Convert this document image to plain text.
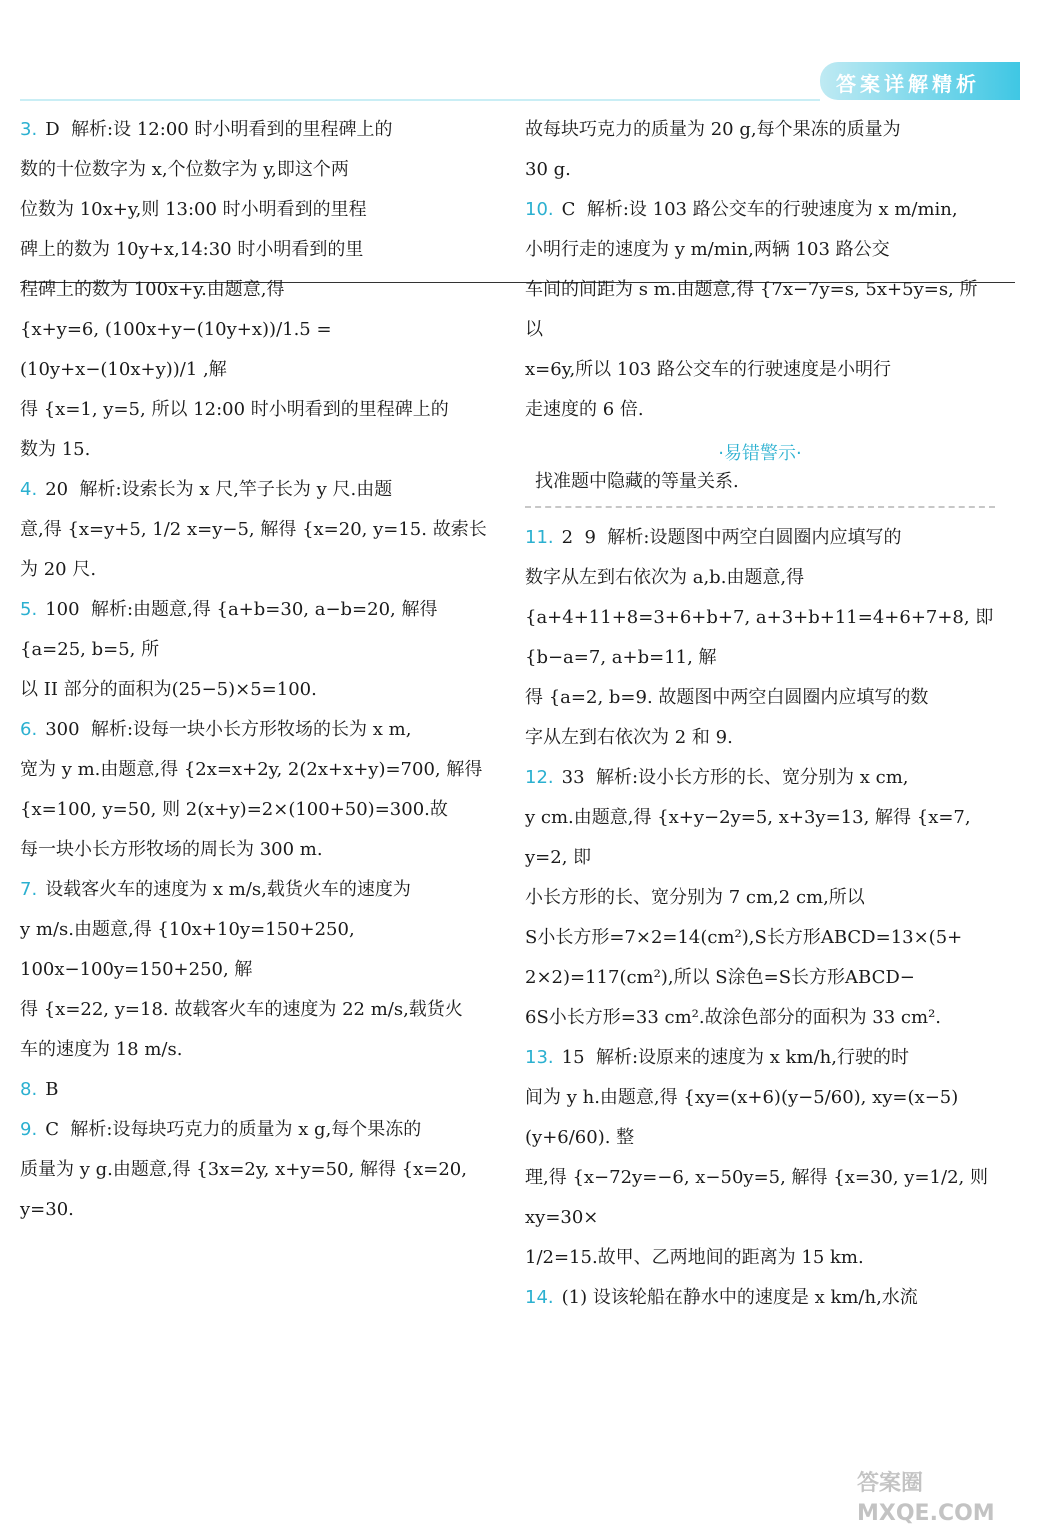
答案详解精析
3. D  解析:设 12:00 时小明看到的里程碑上的
数的十位数字为 x,个位数字为 y,即这个两
位数为 10x+y,则 13:00 时小明看到的里程
碑上的数为 10y+x,14:30 时小明看到的里
程碑上的数为 100x+y.由题意,得
{x+y=6, (100x+y−(10y+x))/1.5 = (10y+x−(10x+y))/1 ,解
得 {x=1, y=5, 所以 12:00 时小明看到的里程碑上的
数为 15.
4. 20  解析:设索长为 x 尺,竿子长为 y 尺.由题
意,得 {x=y+5, 1/2 x=y−5, 解得 {x=20, y=15. 故索长为 20 尺.
5. 100  解析:由题意,得 {a+b=30, a−b=20, 解得 {a=25, b=5, 所
以 II 部分的面积为(25−5)×5=100.
6. 300  解析:设每一块小长方形牧场的长为 x m,
宽为 y m.由题意,得 {2x=x+2y, 2(2x+x+y)=700, 解得
{x=100, y=50, 则 2(x+y)=2×(100+50)=300.故
每一块小长方形牧场的周长为 300 m.
7. 设载客火车的速度为 x m/s,载货火车的速度为
y m/s.由题意,得 {10x+10y=150+250, 100x−100y=150+250, 解
得 {x=22, y=18. 故载客火车的速度为 22 m/s,载货火
车的速度为 18 m/s.
8. B
9. C  解析:设每块巧克力的质量为 x g,每个果冻的
质量为 y g.由题意,得 {3x=2y, x+y=50, 解得 {x=20, y=30.
故每块巧克力的质量为 20 g,每个果冻的质量为
30 g.
10. C  解析:设 103 路公交车的行驶速度为 x m/min,
小明行走的速度为 y m/min,两辆 103 路公交
车间的间距为 s m.由题意,得 {7x−7y=s, 5x+5y=s, 所以
x=6y,所以 103 路公交车的行驶速度是小明行
走速度的 6 倍.
·易错警示·
找准题中隐藏的等量关系.
11. 2  9  解析:设题图中两空白圆圈内应填写的
数字从左到右依次为 a,b.由题意,得
{a+4+11+8=3+6+b+7, a+3+b+11=4+6+7+8, 即 {b−a=7, a+b=11, 解
得 {a=2, b=9. 故题图中两空白圆圈内应填写的数
字从左到右依次为 2 和 9.
12. 33  解析:设小长方形的长、宽分别为 x cm,
y cm.由题意,得 {x+y−2y=5, x+3y=13, 解得 {x=7, y=2, 即
小长方形的长、宽分别为 7 cm,2 cm,所以
S小长方形=7×2=14(cm²),S长方形ABCD=13×(5+
2×2)=117(cm²),所以 S涂色=S长方形ABCD−
6S小长方形=33 cm².故涂色部分的面积为 33 cm².
13. 15  解析:设原来的速度为 x km/h,行驶的时
间为 y h.由题意,得 {xy=(x+6)(y−5/60), xy=(x−5)(y+6/60). 整
理,得 {x−72y=−6, x−50y=5, 解得 {x=30, y=1/2, 则 xy=30×
1/2=15.故甲、乙两地间的距离为 15 km.
14. (1) 设该轮船在静水中的速度是 x km/h,水流
答案圈
MXQE.COM
